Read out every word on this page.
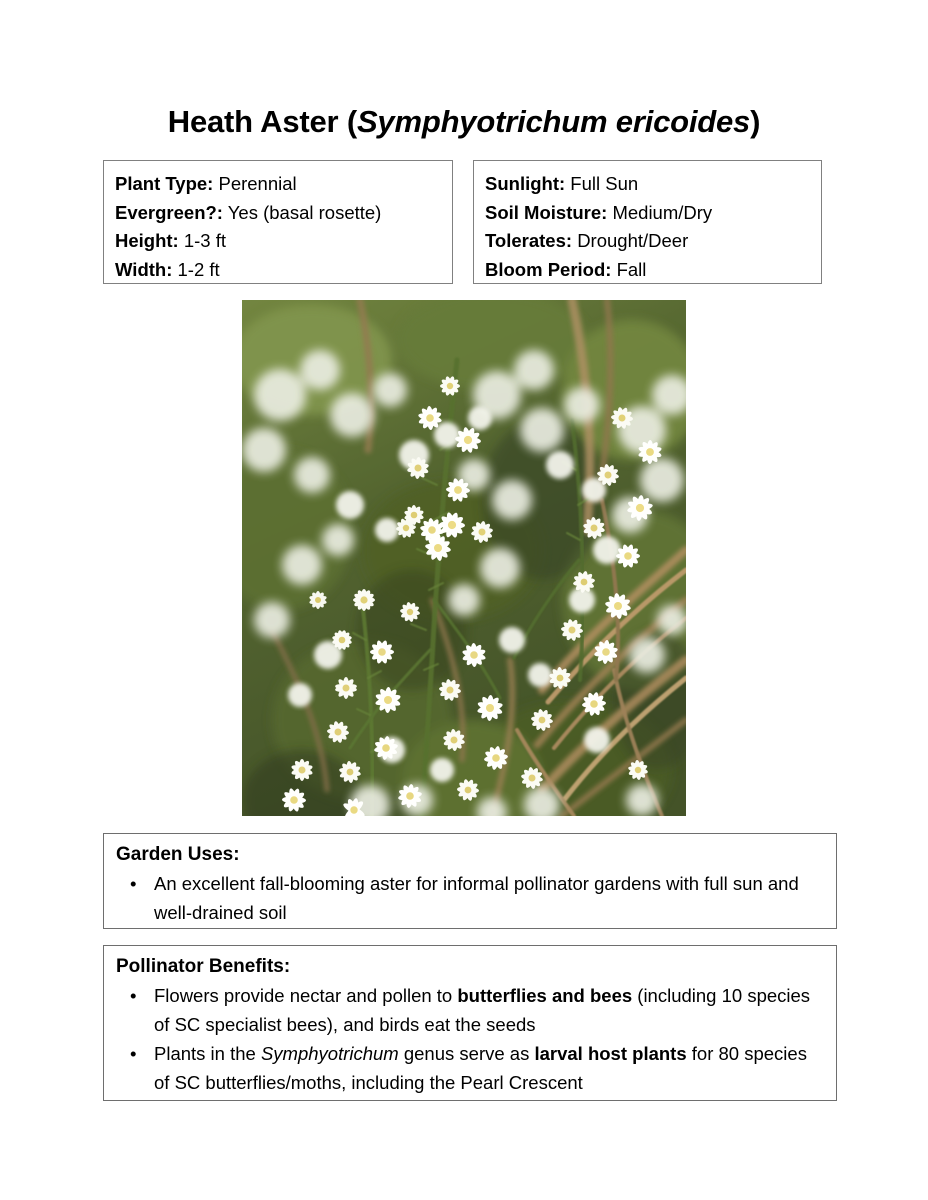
Heath Aster (Symphyotrichum ericoides)
Plant Type: Perennial
Evergreen?: Yes (basal rosette)
Height: 1-3 ft
Width: 1-2 ft
Sunlight: Full Sun
Soil Moisture: Medium/Dry
Tolerates: Drought/Deer
Bloom Period: Fall
Garden Uses:
• An excellent fall-blooming aster for informal pollinator gardens with full sun and well-drained soil
Pollinator Benefits:
• Flowers provide nectar and pollen to butterflies and bees (including 10 species of SC specialist bees), and birds eat the seeds
• Plants in the Symphyotrichum genus serve as larval host plants for 80 species of SC butterflies/moths, including the Pearl Crescent
